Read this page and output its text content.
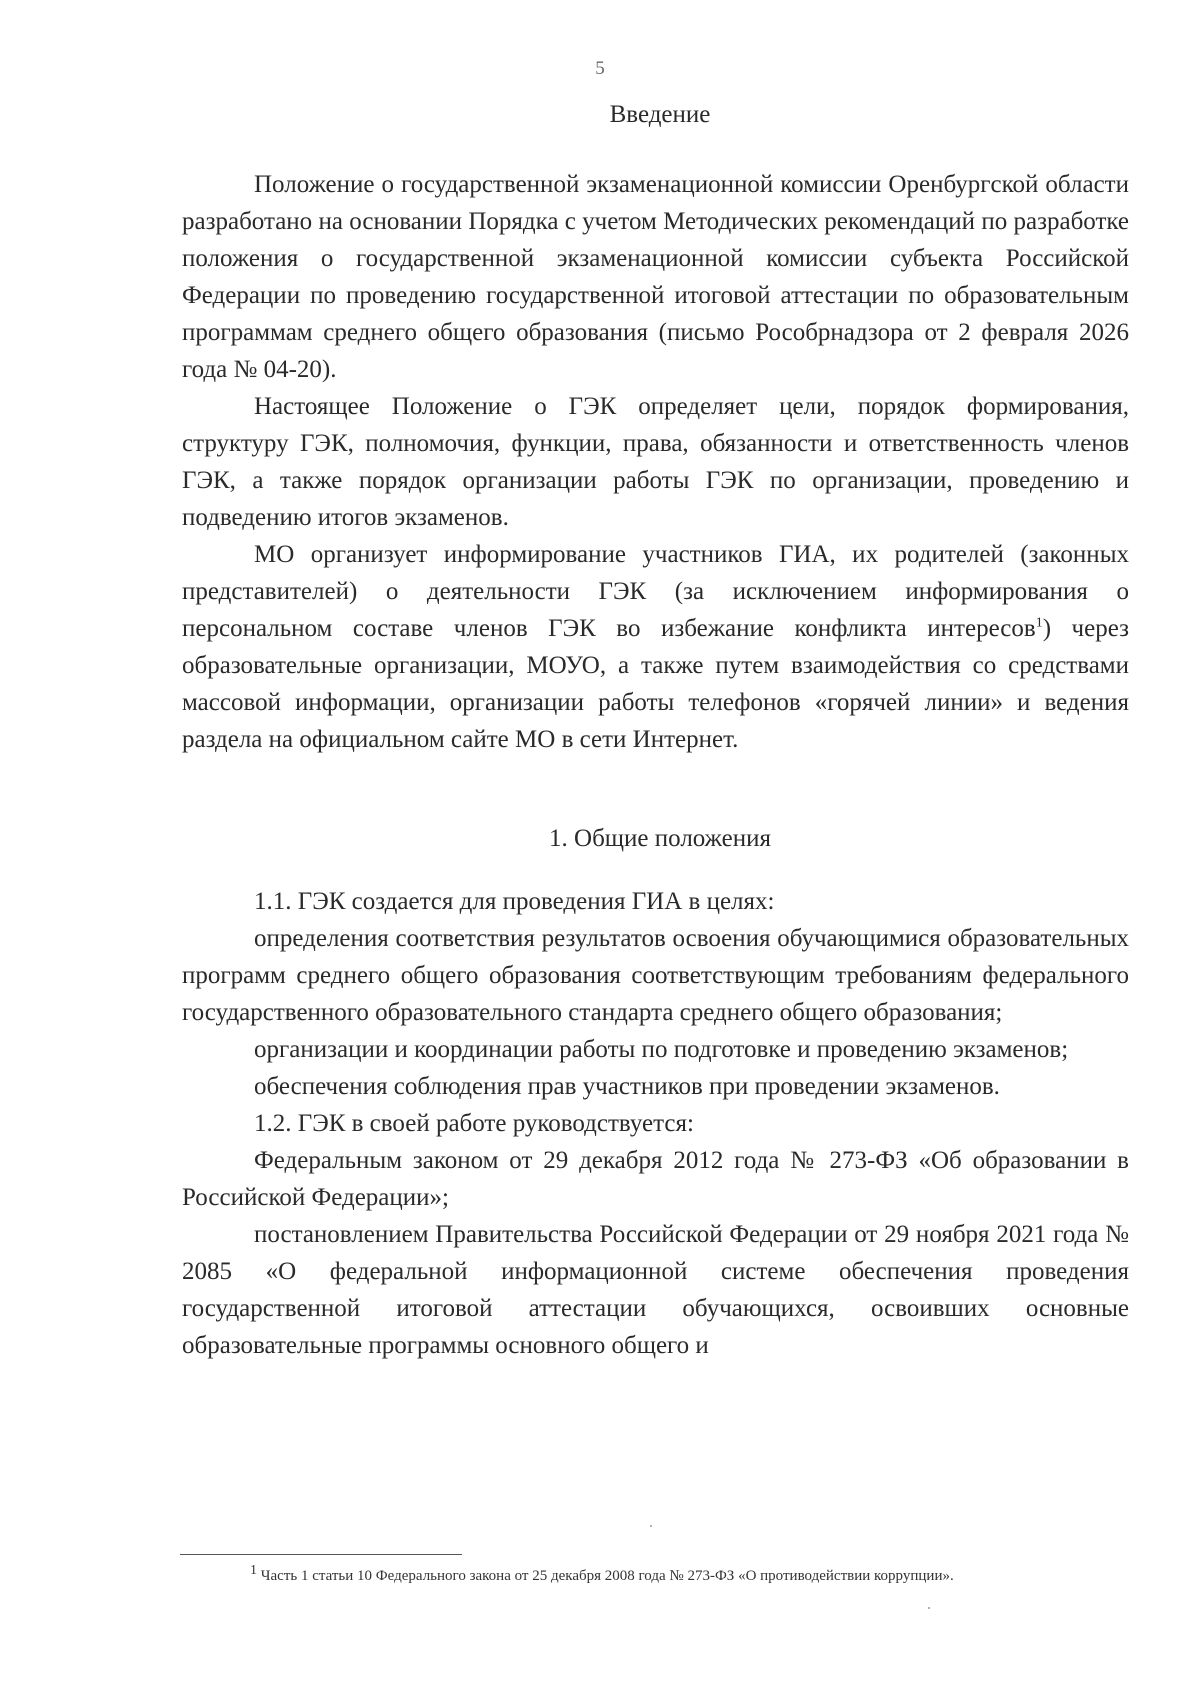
5
Введение

Положение о государственной экзаменационной комиссии Оренбургской области разработано на основании Порядка с учетом Методических рекомендаций по разработке положения о государственной экзаменационной комиссии субъекта Российской Федерации по проведению государственной итоговой аттестации по образовательным программам среднего общего образования (письмо Рособрнадзора от 2 февраля 2026 года № 04-20).

Настоящее Положение о ГЭК определяет цели, порядок формирования, структуру ГЭК, полномочия, функции, права, обязанности и ответственность членов ГЭК, а также порядок организации работы ГЭК по организации, проведению и подведению итогов экзаменов.

МО организует информирование участников ГИА, их родителей (законных представителей) о деятельности ГЭК (за исключением информирования о персональном составе членов ГЭК во избежание конфликта интересов$^1$) через образовательные организации, МОУО, а также путем взаимодействия со средствами массовой информации, организации работы телефонов «горячей линии» и ведения раздела на официальном сайте МО в сети Интернет.

1. Общие положения

1.1. ГЭК создается для проведения ГИА в целях:

определения соответствия результатов освоения обучающимися образовательных программ среднего общего образования соответствующим требованиям федерального государственного образовательного стандарта среднего общего образования;

организации и координации работы по подготовке и проведению экзаменов;

обеспечения соблюдения прав участников при проведении экзаменов.

1.2. ГЭК в своей работе руководствуется:

Федеральным законом от 29 декабря 2012 года № 273-ФЗ «Об образовании в Российской Федерации»;

постановлением Правительства Российской Федерации от 29 ноября 2021 года № 2085 «О федеральной информационной системе обеспечения проведения государственной итоговой аттестации обучающихся, освоивших основные образовательные программы основного общего и

$^1$ Часть 1 статьи 10 Федерального закона от 25 декабря 2008 года № 273-ФЗ «О противодействии коррупции».
